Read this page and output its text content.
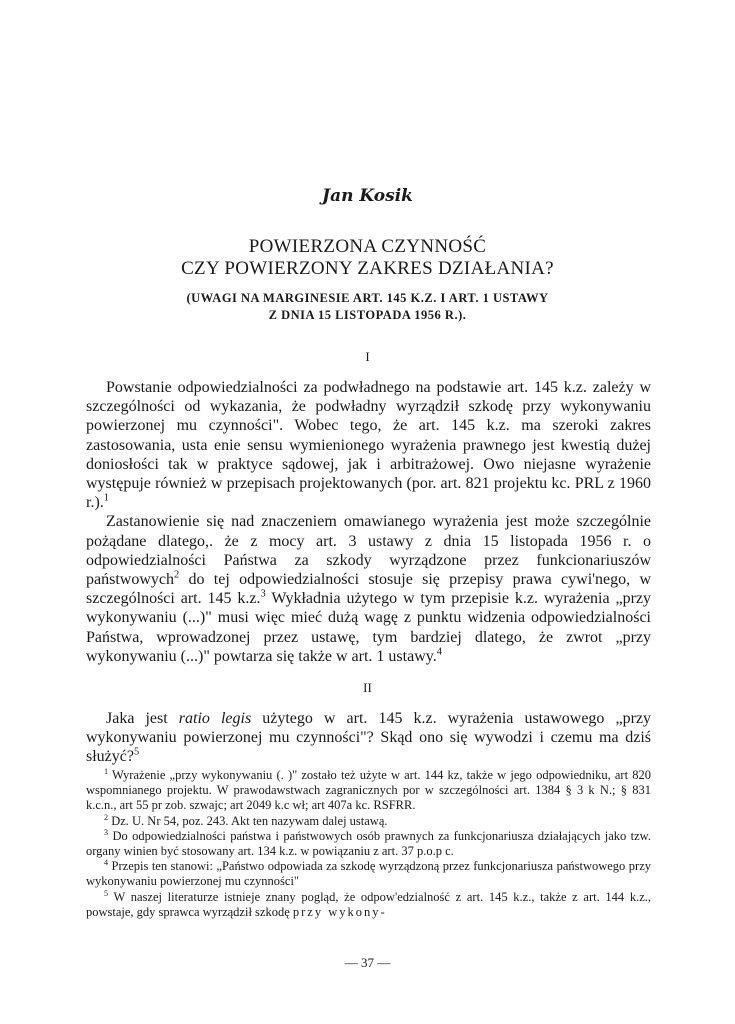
Jan Kosik
POWIERZONA CZYNNOŚĆ
CZY POWIERZONY ZAKRES DZIAŁANIA?
(UWAGI NA MARGINESIE ART. 145 K.Z. I ART. 1 USTAWY
Z DNIA 15 LISTOPADA 1956 R.).
I

Powstanie odpowiedzialności za podwładnego na podstawie art. 145 k.z. zależy w szczególności od wykazania, że podwładny wyrządził szkodę przy wykonywaniu powierzonej mu czynności". Wobec tego, że art. 145 k.z. ma szeroki zakres zastosowania, usta enie sensu wymienionego wyrażenia prawnego jest kwestią dużej doniosłości tak w praktyce sądowej, jak i arbitrażowej. Owo niejasne wyrażenie występuje również w przepisach projektowanych (por. art. 821 projektu kc. PRL z 1960 r.).$^1$

Zastanowienie się nad znaczeniem omawianego wyrażenia jest może szczególnie pożądane dlatego,. że z mocy art. 3 ustawy z dnia 15 listopada 1956 r. o odpowiedzialności Państwa za szkody wyrządzone przez funkcionariuszów państwowych$^2$ do tej odpowiedzialności stosuje się przepisy prawa cywi'nego, w szczególności art. 145 k.z.$^3$ Wykładnia użytego w tym przepisie k.z. wyrażenia „przy wykonywaniu (...)" musi więc mieć dużą wagę z punktu widzenia odpowiedzialności Państwa, wprowadzonej przez ustawę, tym bardziej dlatego, że zwrot „przy wykonywaniu (...)" powtarza się także w art. 1 ustawy.$^4$

II

Jaka jest ratio legis użytego w art. 145 k.z. wyrażenia ustawowego „przy wykonywaniu powierzonej mu czynności"? Skąd ono się wywodzi i czemu ma dziś służyć?$^5$

$^1$ Wyrażenie „przy wykonywaniu (. )" zostało też użyte w art. 144 kz, także w jego odpowiedniku, art 820 wspomnianego projektu. W prawodawstwach zagranicznych por w szczególności art. 1384 § 3 k N.; § 831 k.c.n., art 55 pr zob. szwajc; art 2049 k.c wł; art 407a kc. RSFRR.

$^2$ Dz. U. Nr 54, poz. 243. Akt ten nazywam dalej ustawą.

$^3$ Do odpowiedzialności państwa i państwowych osób prawnych za funkcjonariusza działających jako tzw. organy winien być stosowany art. 134 k.z. w powiązaniu z art. 37 p.o.p c.

$^4$ Przepis ten stanowi: „Państwo odpowiada za szkodę wyrządzoną przez funkcjonariusza państwowego przy wykonywaniu powierzonej mu czynności"

$^5$ W naszej literaturze istnieje znany pogląd, że odpow'edzialność z art. 145 k.z., także z art. 144 k.z., powstaje, gdy sprawca wyrządził szkodę przy wykony-

— 37 —
